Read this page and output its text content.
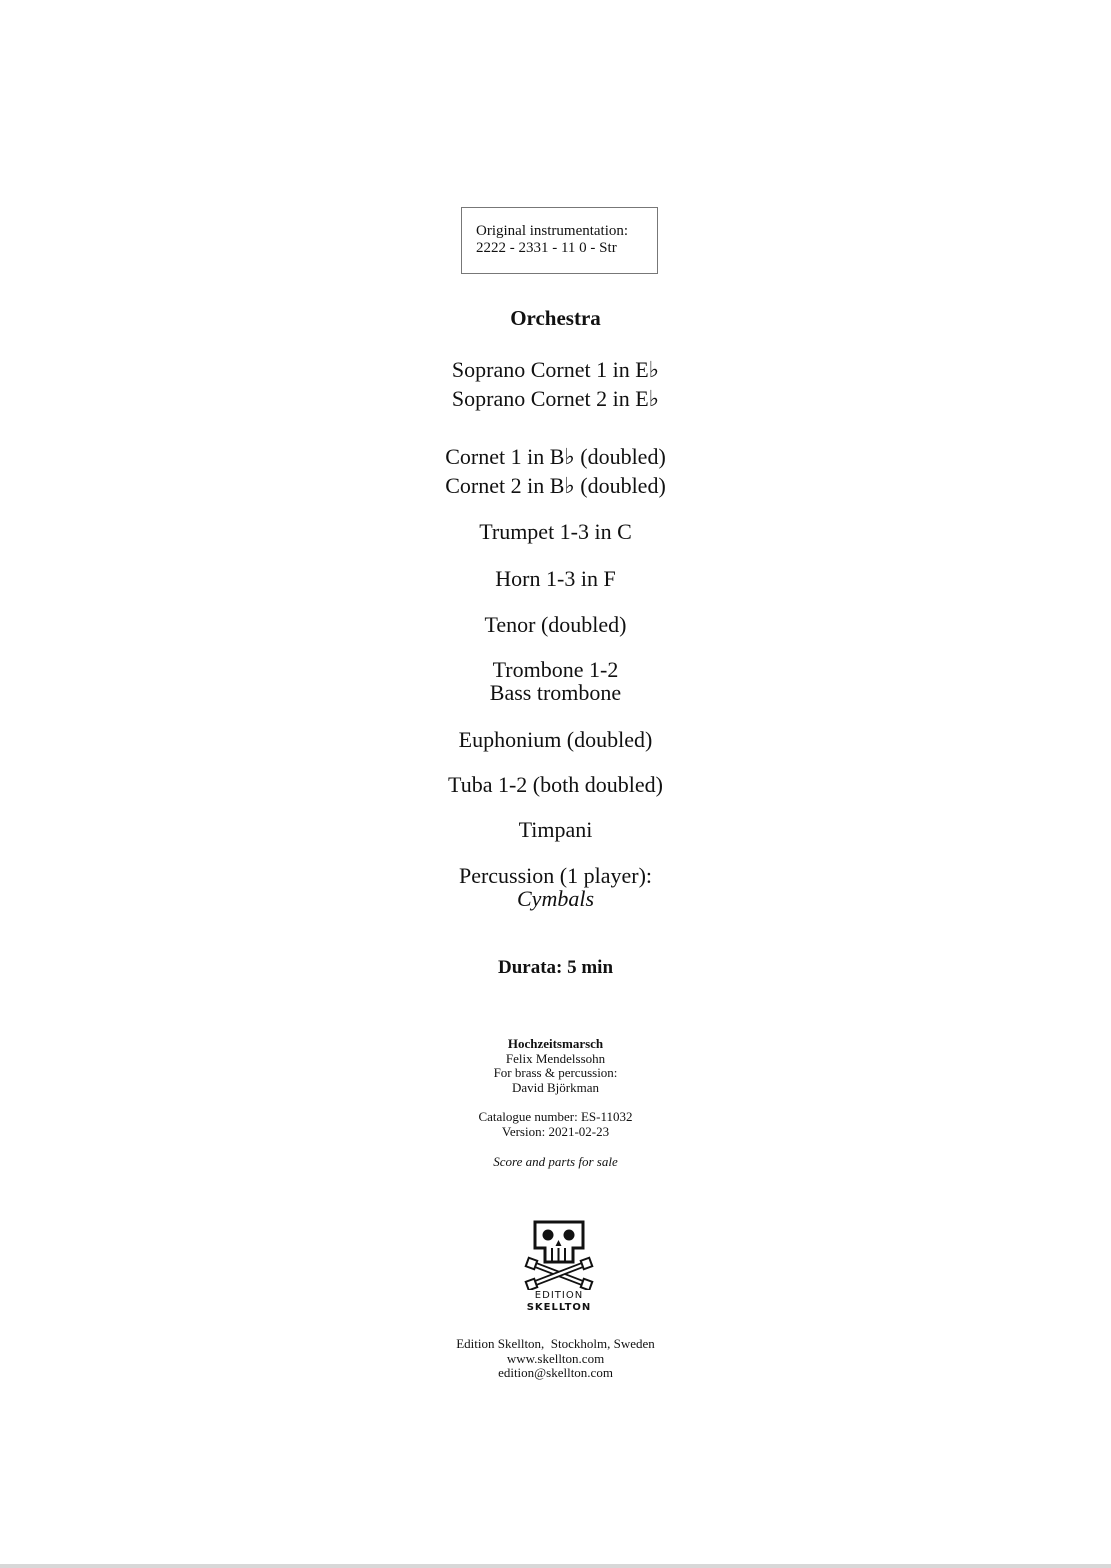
Original instrumentation:
2222 - 2331 - 11 0 - Str
Orchestra
Soprano Cornet 1 in E♭
Soprano Cornet 2 in E♭
Cornet 1 in B♭ (doubled)
Cornet 2 in B♭ (doubled)
Trumpet 1-3 in C
Horn 1-3 in F
Tenor (doubled)
Trombone 1-2
Bass trombone
Euphonium (doubled)
Tuba 1-2 (both doubled)
Timpani
Percussion (1 player):
Cymbals
Durata: 5 min
Hochzeitsmarsch
Felix Mendelssohn
For brass & percussion:
David Björkman
Catalogue number: ES-11032
Version: 2021-02-23
Score and parts for sale
EDITION
SKELLTON
Edition Skellton,  Stockholm, Sweden
www.skellton.com
edition@skellton.com
